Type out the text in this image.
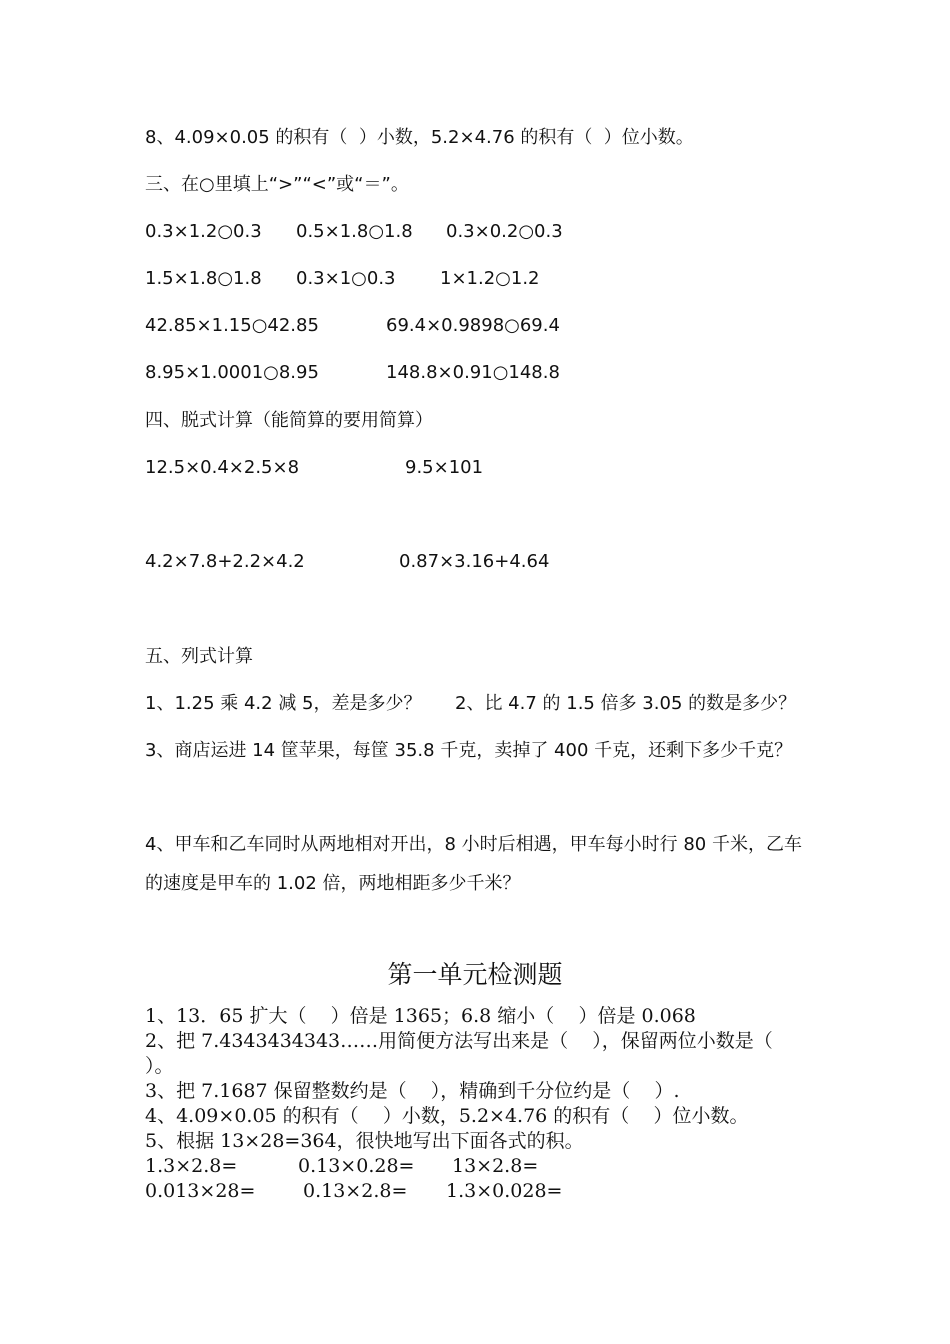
8、4.09×0.05 的积有（  ）小数，5.2×4.76 的积有（  ）位小数。
三、在○里填上“>”“<”或“＝”。
0.3×1.2○0.3 0.5×1.8○1.8 0.3×0.2○0.3
1.5×1.8○1.8 0.3×1○0.3 1×1.2○1.2
42.85×1.15○42.85	69.4×0.9898○69.4
8.95×1.0001○8.95	148.8×0.91○148.8
四、脱式计算（能简算的要用简算）
12.5×0.4×2.5×8	9.5×101
4.2×7.8+2.2×4.2	0.87×3.16+4.64
五、列式计算
1、1.25 乘 4.2 减 5，差是多少？ 2、比 4.7 的 1.5 倍多 3.05 的数是多少？
3、商店运进 14 筐苹果，每筐 35.8 千克，卖掉了 400 千克，还剩下多少千克？
4、甲车和乙车同时从两地相对开出，8 小时后相遇，甲车每小时行 80 千米，乙车
的速度是甲车的 1.02 倍，两地相距多少千米？
第一单元检测题
1、13．65 扩大（    ）倍是 1365；6.8 缩小（    ）倍是 0.068
2、把 7.4343434343……用简便方法写出来是（    ），保留两位小数是（
）。
3、把 7.1687 保留整数约是（    ），精确到千分位约是（    ）.
4、4.09×0.05 的积有（    ）小数，5.2×4.76 的积有（    ）位小数。
5、根据 13×28=364，很快地写出下面各式的积。
1.3×2.8=	0.13×0.28= 13×2.8=
0.013×28=	0.13×2.8= 1.3×0.028=
